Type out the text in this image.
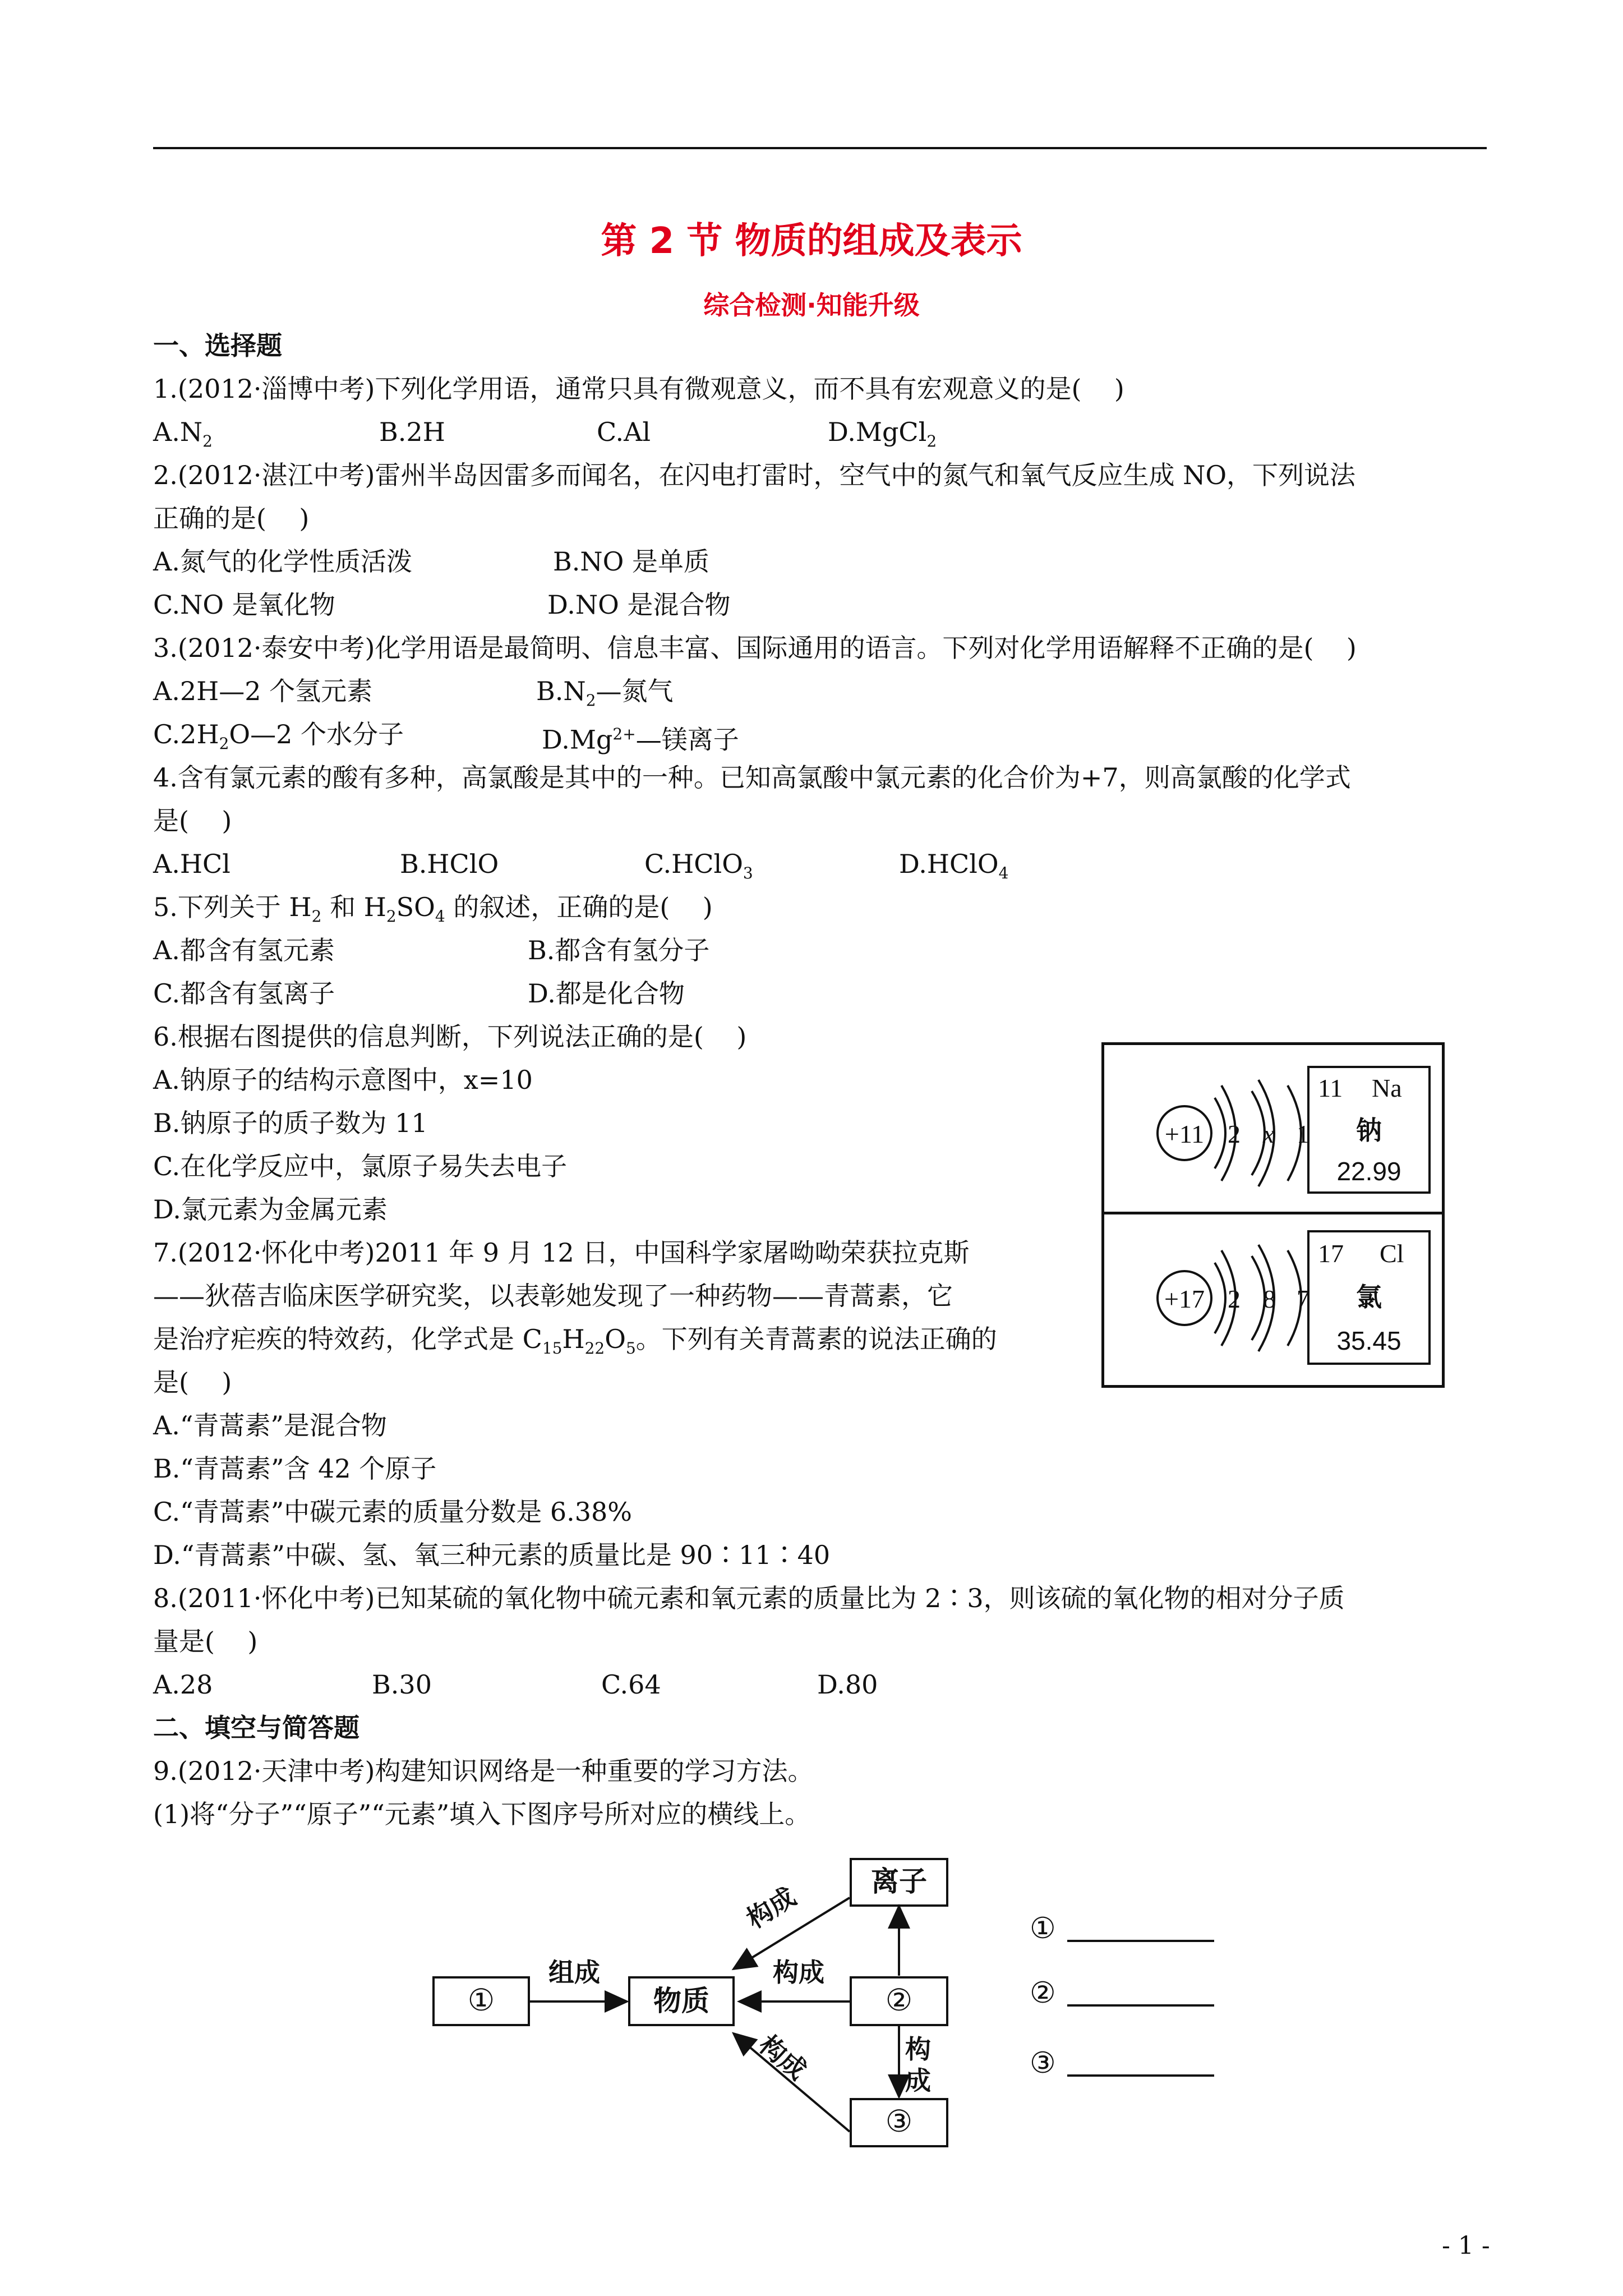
第 2 节 物质的组成及表示
综合检测·知能升级
一、选择题
1.(2012·淄博中考)下列化学用语，通常只具有微观意义，而不具有宏观意义的是(    )
$A.N_2$	B.2H	C.Al	D.MgCl$_2$
2.(2012·湛江中考)雷州半岛因雷多而闻名，在闪电打雷时，空气中的氮气和氧气反应生成 NO，下列说法
正确的是(    )
A.氮气的化学性质活泼	B.NO 是单质
C.NO 是氧化物	D.NO 是混合物
3.(2012·泰安中考)化学用语是最简明、信息丰富、国际通用的语言。下列对化学用语解释不正确的是(    )
A.2H—2 个氢元素	$B.N_2—$氮气
$C.2H_2O—2$ 个水分子	$D.Mg^{2+}—$镁离子
4.含有氯元素的酸有多种，高氯酸是其中的一种。已知高氯酸中氯元素的化合价为+7，则高氯酸的化学式
是(    )
A.HCl	B.HClO	C.HClO$_3$	D.HClO$_4$
5.下列关于 $H_2$ 和 $H_2SO_4$ 的叙述，正确的是(    )
A.都含有氢元素	B.都含有氢分子
C.都含有氢离子	D.都是化合物
6.根据右图提供的信息判断，下列说法正确的是(    )
A.钠原子的结构示意图中，x=10
B.钠原子的质子数为 11
C.在化学反应中，氯原子易失去电子
D.氯元素为金属元素
+11 2 x 1
11 Na
钠
22.99
+17 2 8 7
17 Cl
氯
35.45
7.(2012·怀化中考)2011 年 9 月 12 日，中国科学家屠呦呦荣获拉克斯
——狄蓓吉临床医学研究奖，以表彰她发现了一种药物——青蒿素，它
是治疗疟疾的特效药，化学式是 $C_{15}H_{22}O_5$。下列有关青蒿素的说法正确的
是(    )
A.“青蒿素”是混合物
B.“青蒿素”含 42 个原子
C.“青蒿素”中碳元素的质量分数是 6.38%
D.“青蒿素”中碳、氢、氧三种元素的质量比是 90∶11∶40
8.(2011·怀化中考)已知某硫的氧化物中硫元素和氧元素的质量比为 2∶3，则该硫的氧化物的相对分子质
量是(    )
A.28	B.30	C.64	D.80
二、填空与简答题
9.(2012·天津中考)构建知识网络是一种重要的学习方法。
(1)将“分子”“原子”“元素”填入下图序号所对应的横线上。
①	物质	②
离子
③
组成	构成
构成
构成	构成
①
②
③
- 1 -
